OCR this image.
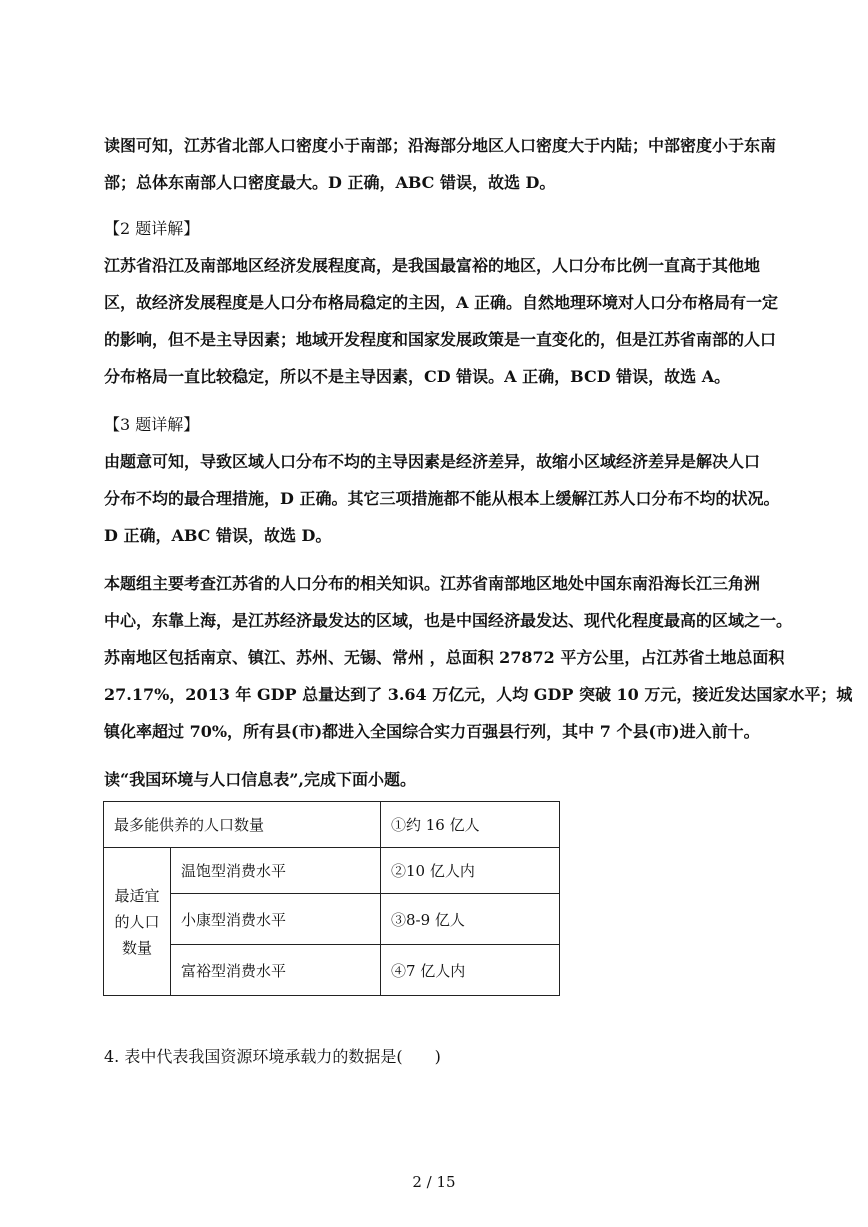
读图可知，江苏省北部人口密度小于南部；沿海部分地区人口密度大于内陆；中部密度小于东南
部；总体东南部人口密度最大。D 正确，ABC 错误，故选 D。

【2 题详解】

江苏省沿江及南部地区经济发展程度高，是我国最富裕的地区，人口分布比例一直高于其他地
区，故经济发展程度是人口分布格局稳定的主因，A 正确。自然地理环境对人口分布格局有一定
的影响，但不是主导因素；地域开发程度和国家发展政策是一直变化的，但是江苏省南部的人口
分布格局一直比较稳定，所以不是主导因素，CD 错误。A 正确，BCD 错误，故选 A。

【3 题详解】

由题意可知，导致区域人口分布不均的主导因素是经济差异，故缩小区域经济差异是解决人口
分布不均的最合理措施，D 正确。其它三项措施都不能从根本上缓解江苏人口分布不均的状况。
D 正确，ABC 错误，故选 D。

本题组主要考查江苏省的人口分布的相关知识。江苏省南部地区地处中国东南沿海长江三角洲
中心，东靠上海，是江苏经济最发达的区域，也是中国经济最发达、现代化程度最高的区域之一。
苏南地区包括南京、镇江、苏州、无锡、常州 ，总面积 27872 平方公里，占江苏省土地总面积
27.17%，2013 年 GDP 总量达到了 3.64 万亿元，人均 GDP 突破 10 万元，接近发达国家水平；城
镇化率超过 70%，所有县(市)都进入全国综合实力百强县行列，其中 7 个县(市)进入前十。

读“我国环境与人口信息表”,完成下面小题。

最多能供养的人口数量		①约 16 亿人

最适宜
的人口
数量	温饱型消费水平	②10 亿人内
	小康型消费水平	③8-9 亿人
	富裕型消费水平	④7 亿人内
4. 表中代表我国资源环境承载力的数据是(　　)
2 / 15
